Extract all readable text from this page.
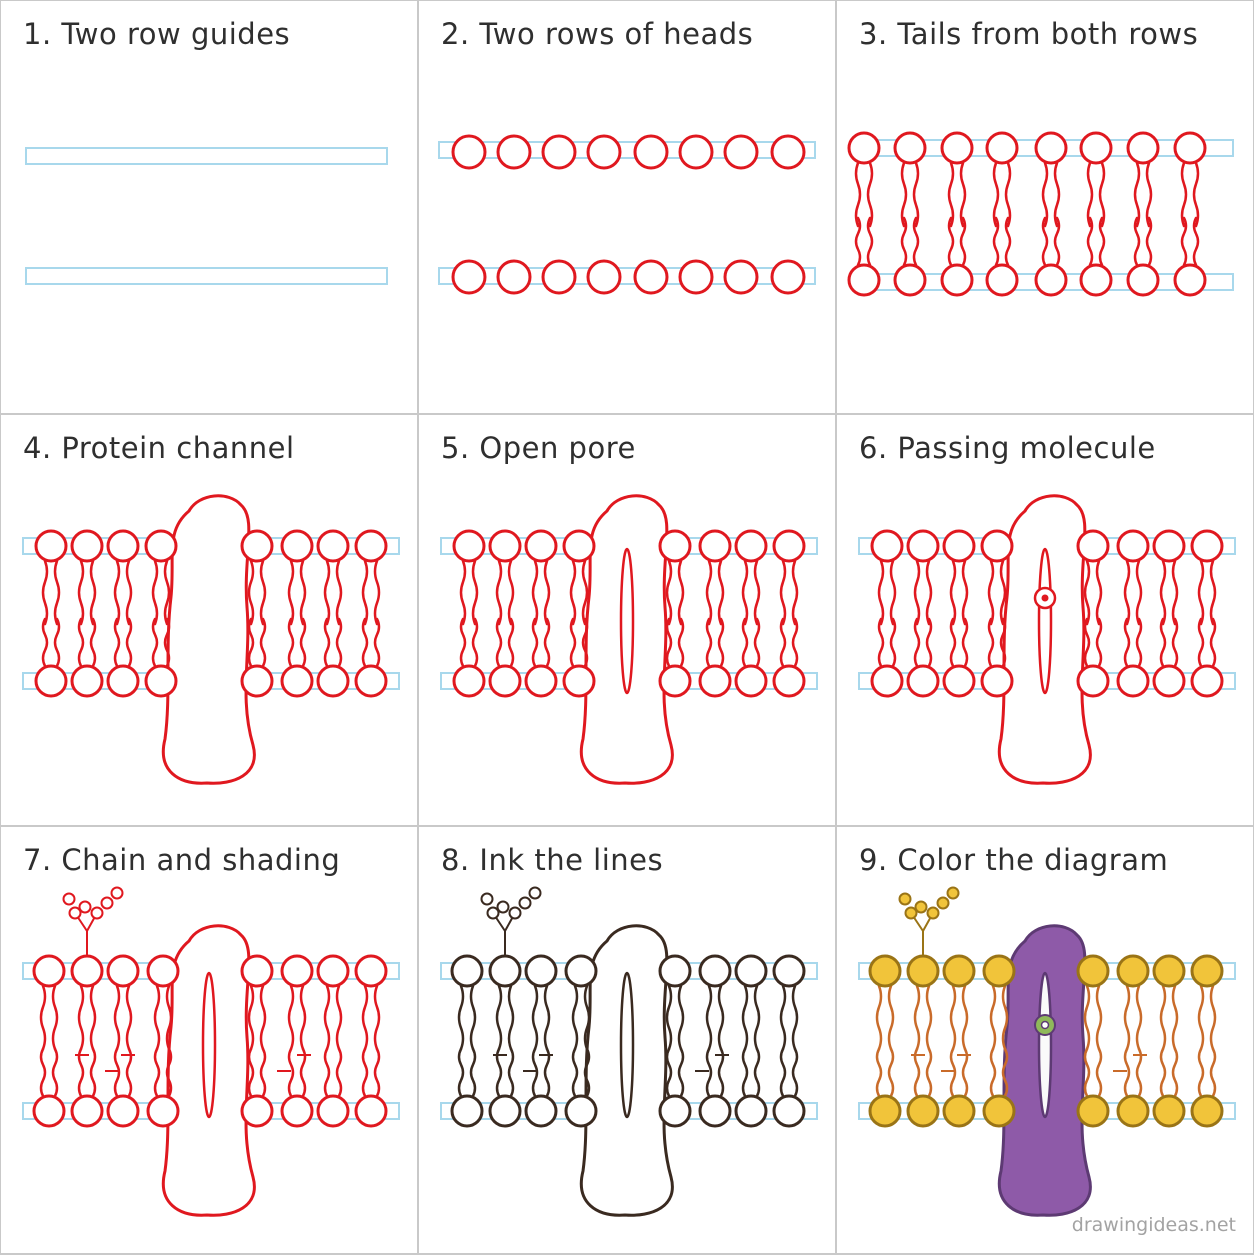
1. Two row guides	2. Two rows of heads	3. Tails from both rows
4. Protein channel	5. Open pore	6. Passing molecule
7. Chain and shading	8. Ink the lines	9. Color the diagram
drawingideas.net
